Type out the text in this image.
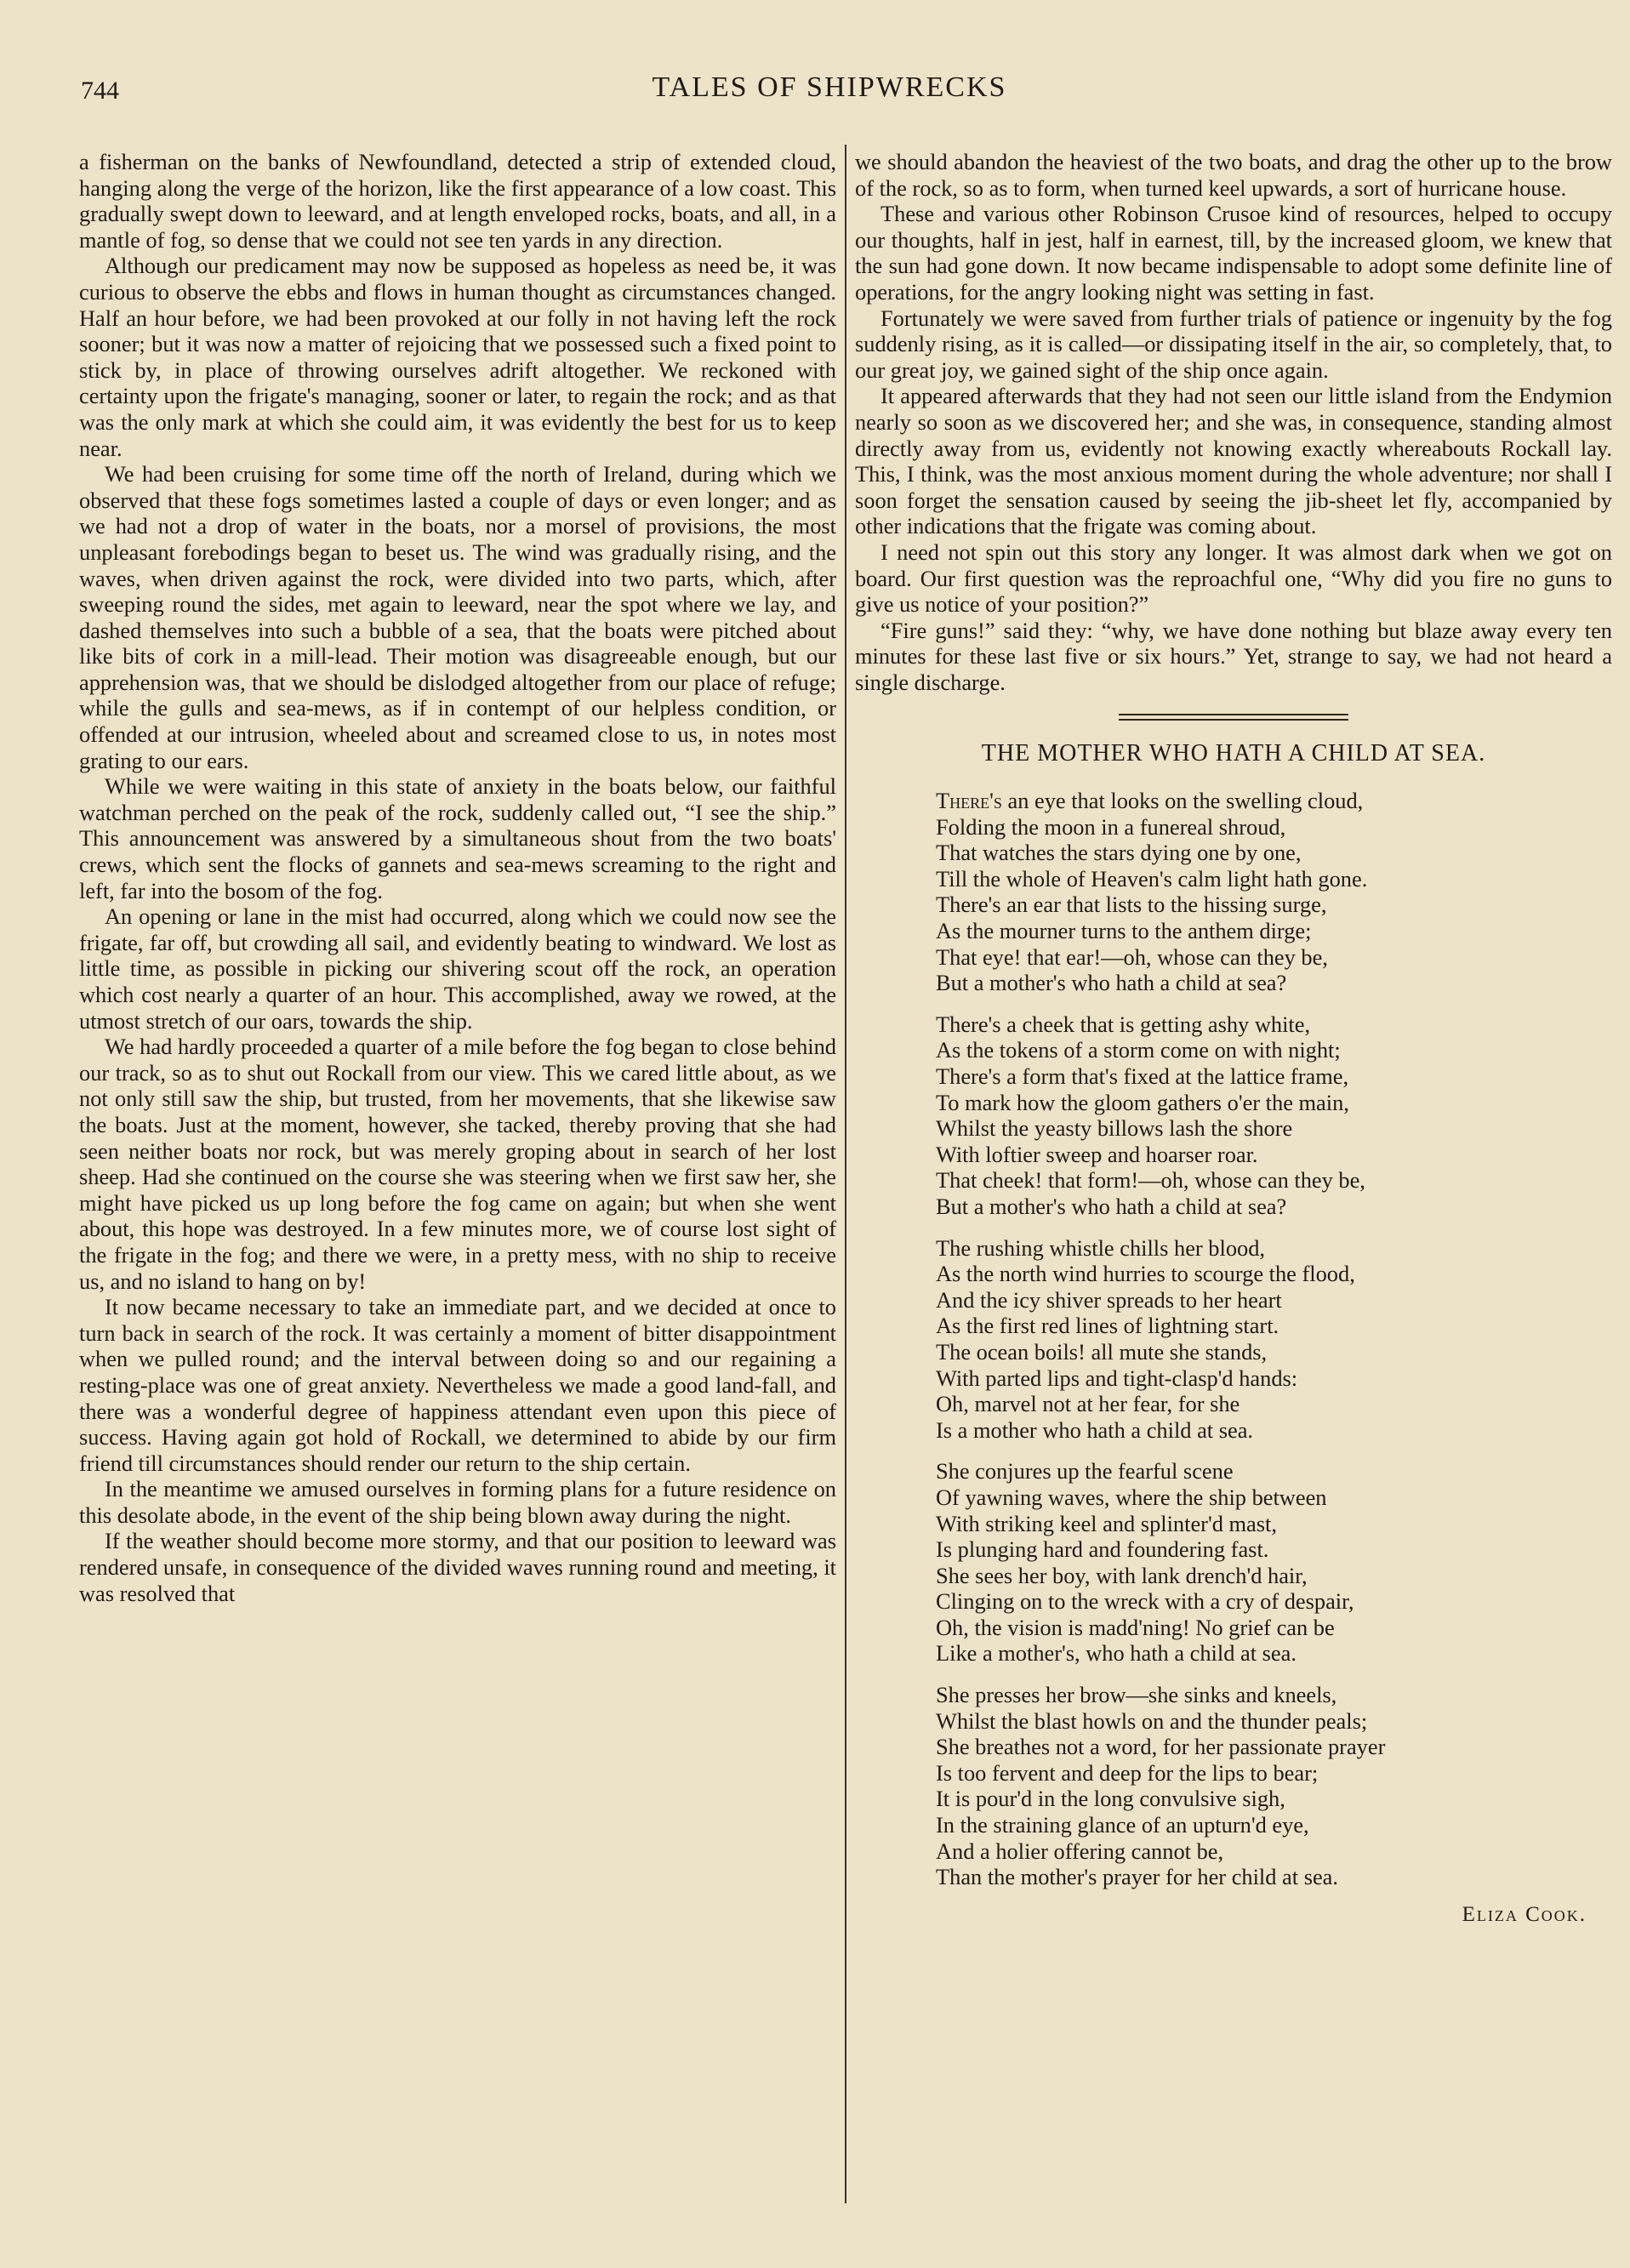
744	TALES OF SHIPWRECKS

a fisherman on the banks of Newfoundland, detected a strip of extended cloud, hanging along the verge of the horizon, like the first appearance of a low coast. This gradually swept down to leeward, and at length enveloped rocks, boats, and all, in a mantle of fog, so dense that we could not see ten yards in any direction.

Although our predicament may now be supposed as hopeless as need be, it was curious to observe the ebbs and flows in human thought as circumstances changed. Half an hour before, we had been provoked at our folly in not having left the rock sooner; but it was now a matter of rejoicing that we possessed such a fixed point to stick by, in place of throwing ourselves adrift altogether. We reckoned with certainty upon the frigate's managing, sooner or later, to regain the rock; and as that was the only mark at which she could aim, it was evidently the best for us to keep near.

We had been cruising for some time off the north of Ireland, during which we observed that these fogs sometimes lasted a couple of days or even longer; and as we had not a drop of water in the boats, nor a morsel of provisions, the most unpleasant forebodings began to beset us. The wind was gradually rising, and the waves, when driven against the rock, were divided into two parts, which, after sweeping round the sides, met again to leeward, near the spot where we lay, and dashed themselves into such a bubble of a sea, that the boats were pitched about like bits of cork in a mill-lead. Their motion was disagreeable enough, but our apprehension was, that we should be dislodged altogether from our place of refuge; while the gulls and sea-mews, as if in contempt of our helpless condition, or offended at our intrusion, wheeled about and screamed close to us, in notes most grating to our ears.

While we were waiting in this state of anxiety in the boats below, our faithful watchman perched on the peak of the rock, suddenly called out, “I see the ship.” This announcement was answered by a simultaneous shout from the two boats' crews, which sent the flocks of gannets and sea-mews screaming to the right and left, far into the bosom of the fog.

An opening or lane in the mist had occurred, along which we could now see the frigate, far off, but crowding all sail, and evidently beating to windward. We lost as little time, as possible in picking our shivering scout off the rock, an operation which cost nearly a quarter of an hour. This accomplished, away we rowed, at the utmost stretch of our oars, towards the ship.

We had hardly proceeded a quarter of a mile before the fog began to close behind our track, so as to shut out Rockall from our view. This we cared little about, as we not only still saw the ship, but trusted, from her movements, that she likewise saw the boats. Just at the moment, however, she tacked, thereby proving that she had seen neither boats nor rock, but was merely groping about in search of her lost sheep. Had she continued on the course she was steering when we first saw her, she might have picked us up long before the fog came on again; but when she went about, this hope was destroyed. In a few minutes more, we of course lost sight of the frigate in the fog; and there we were, in a pretty mess, with no ship to receive us, and no island to hang on by!

It now became necessary to take an immediate part, and we decided at once to turn back in search of the rock. It was certainly a moment of bitter disappointment when we pulled round; and the interval between doing so and our regaining a resting-place was one of great anxiety. Nevertheless we made a good land-fall, and there was a wonderful degree of happiness attendant even upon this piece of success. Having again got hold of Rockall, we determined to abide by our firm friend till circumstances should render our return to the ship certain.

In the meantime we amused ourselves in forming plans for a future residence on this desolate abode, in the event of the ship being blown away during the night.

If the weather should become more stormy, and that our position to leeward was rendered unsafe, in consequence of the divided waves running round and meeting, it was resolved that

we should abandon the heaviest of the two boats, and drag the other up to the brow of the rock, so as to form, when turned keel upwards, a sort of hurricane house.

These and various other Robinson Crusoe kind of resources, helped to occupy our thoughts, half in jest, half in earnest, till, by the increased gloom, we knew that the sun had gone down. It now became indispensable to adopt some definite line of operations, for the angry looking night was setting in fast.

Fortunately we were saved from further trials of patience or ingenuity by the fog suddenly rising, as it is called—or dissipating itself in the air, so completely, that, to our great joy, we gained sight of the ship once again.

It appeared afterwards that they had not seen our little island from the Endymion nearly so soon as we discovered her; and she was, in consequence, standing almost directly away from us, evidently not knowing exactly whereabouts Rockall lay. This, I think, was the most anxious moment during the whole adventure; nor shall I soon forget the sensation caused by seeing the jib-sheet let fly, accompanied by other indications that the frigate was coming about.

I need not spin out this story any longer. It was almost dark when we got on board. Our first question was the reproachful one, “Why did you fire no guns to give us notice of your position?”

“Fire guns!” said they: “why, we have done nothing but blaze away every ten minutes for these last five or six hours.” Yet, strange to say, we had not heard a single discharge.

THE MOTHER WHO HATH A CHILD AT SEA.
There's an eye that looks on the swelling cloud,
Folding the moon in a funereal shroud,
That watches the stars dying one by one,
Till the whole of Heaven's calm light hath gone.
There's an ear that lists to the hissing surge,
As the mourner turns to the anthem dirge;
That eye! that ear!—oh, whose can they be,
But a mother's who hath a child at sea?
There's a cheek that is getting ashy white,
As the tokens of a storm come on with night;
There's a form that's fixed at the lattice frame,
To mark how the gloom gathers o'er the main,
Whilst the yeasty billows lash the shore
With loftier sweep and hoarser roar.
That cheek! that form!—oh, whose can they be,
But a mother's who hath a child at sea?
The rushing whistle chills her blood,
As the north wind hurries to scourge the flood,
And the icy shiver spreads to her heart
As the first red lines of lightning start.
The ocean boils! all mute she stands,
With parted lips and tight-clasp'd hands:
Oh, marvel not at her fear, for she
Is a mother who hath a child at sea.
She conjures up the fearful scene
Of yawning waves, where the ship between
With striking keel and splinter'd mast,
Is plunging hard and foundering fast.
She sees her boy, with lank drench'd hair,
Clinging on to the wreck with a cry of despair,
Oh, the vision is madd'ning! No grief can be
Like a mother's, who hath a child at sea.
She presses her brow—she sinks and kneels,
Whilst the blast howls on and the thunder peals;
She breathes not a word, for her passionate prayer
Is too fervent and deep for the lips to bear;
It is pour'd in the long convulsive sigh,
In the straining glance of an upturn'd eye,
And a holier offering cannot be,
Than the mother's prayer for her child at sea.
Eliza Cook.
